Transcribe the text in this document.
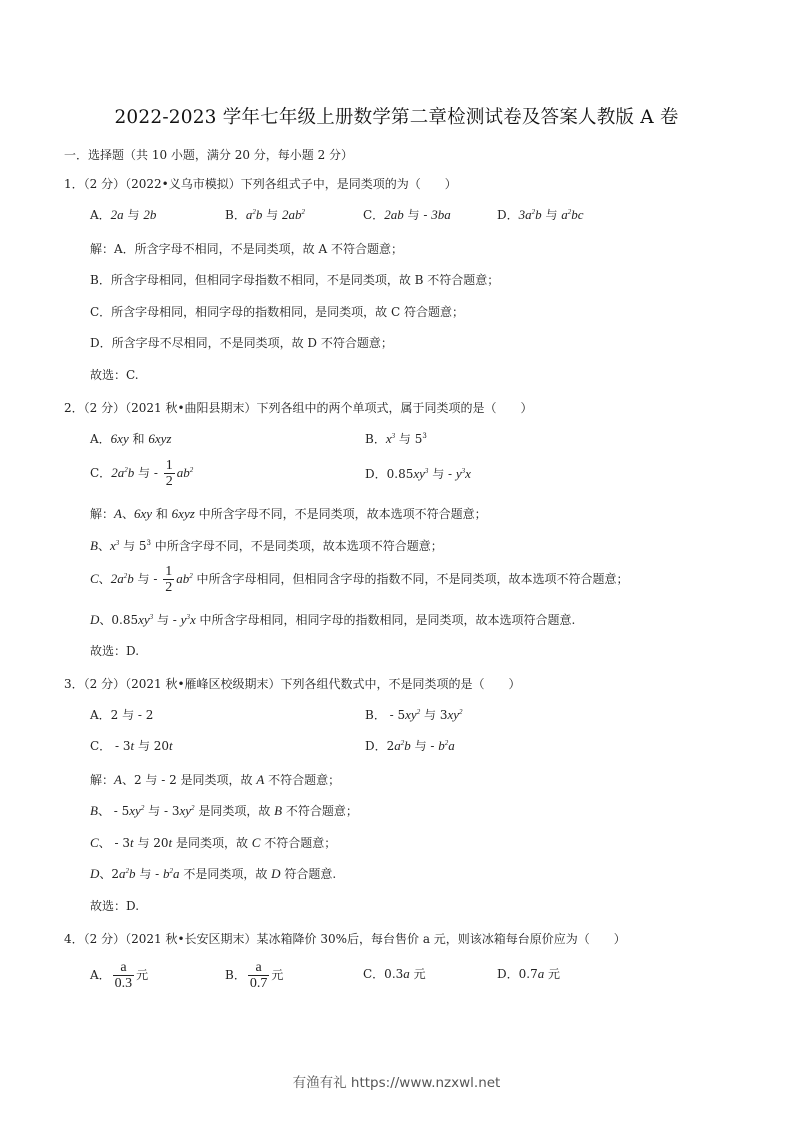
2022-2023 学年七年级上册数学第二章检测试卷及答案人教版 A 卷
一．选择题（共 10 小题，满分 20 分，每小题 2 分）
1．（2 分）（2022•义乌市模拟）下列各组式子中，是同类项的为（　　）
A．2a 与 2b	B．$a^2b$ 与 $2ab^2$	C．2ab 与 - 3ba	D．$3a^2b$ 与 $a^2bc$
解：A．所含字母不相同，不是同类项，故 A 不符合题意；
B．所含字母相同，但相同字母指数不相同，不是同类项，故 B 不符合题意；
C．所含字母相同，相同字母的指数相同，是同类项，故 C 符合题意；
D．所含字母不尽相同，不是同类项，故 D 不符合题意；
故选：C.
2．（2 分）（2021 秋•曲阳县期末）下列各组中的两个单项式，属于同类项的是（　　）
A．6xy 和 6xyz	B．$x^3$ 与 $5^3$
C．$2a^2b$ 与 - $\frac{1}{2} ab^2$	D．$0.85xy^3$ 与 - $y^3x$
解：A、6xy 和 6xyz 中所含字母不同，不是同类项，故本选项不符合题意；
B、$x^3$ 与 $5^3$ 中所含字母不同，不是同类项，故本选项不符合题意；
C、$2a^2b$ 与 - $\frac{1}{2} ab^2$ 中所含字母相同，但相同含字母的指数不同，不是同类项，故本选项不符合题意；
D、$0.85xy^3$ 与 - $y^3x$ 中所含字母相同，相同字母的指数相同，是同类项，故本选项符合题意.
故选：D.
3．（2 分）（2021 秋•雁峰区校级期末）下列各组代数式中，不是同类项的是（　　）
A．2 与 - 2	B． - $5xy^2$ 与 $3xy^2$
C． - 3t 与 20t	D．$2a^2b$ 与 - $b^2a$
解：A、2 与 - 2 是同类项，故 A 不符合题意；
B、 - $5xy^2$ 与 - $3xy^2$ 是同类项，故 B 不符合题意；
C、 - 3t 与 20t 是同类项，故 C 不符合题意；
D、$2a^2b$ 与 - $b^2a$ 不是同类项，故 D 符合题意.
故选：D.
4．（2 分）（2021 秋•长安区期末）某冰箱降价 30%后，每台售价 a 元，则该冰箱每台原价应为（　　）
A． $\frac{a}{0.3}$ 元	B． $\frac{a}{0.7}$ 元	C．0.3a 元	D．0.7a 元
有渔有礼 https://www.nzxwl.net
